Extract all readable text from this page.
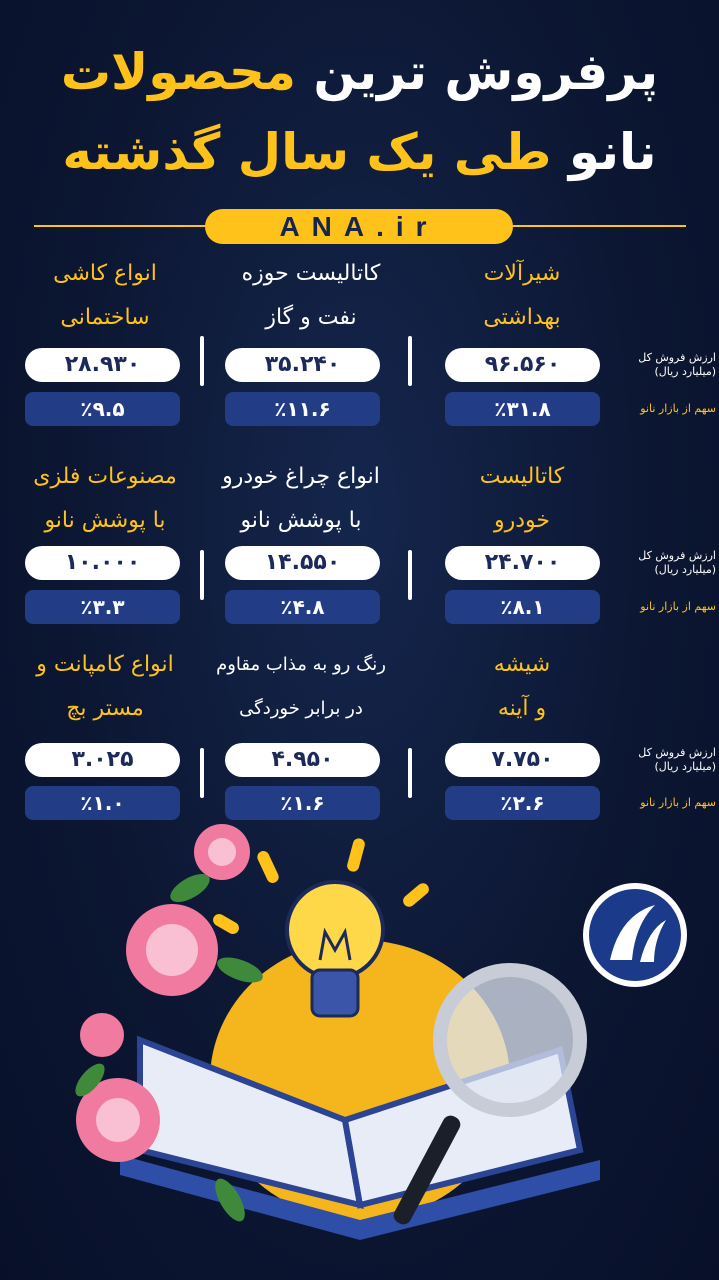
پرفروش ترین محصولات
نانو طی یک سال گذشته
ANA.ir
شیرآلات
بهداشتی
کاتالیست حوزه
نفت و گاز
انواع کاشی
ساختمانی
۹۶.۵۶۰
۳۵.۲۴۰
۲۸.۹۳۰
٪۳۱.۸
٪۱۱.۶
٪۹.۵
ارزش فروش کل
(میلیارد ریال)
سهم از بازار نانو
کاتالیست
خودرو
انواع چراغ خودرو
با پوشش نانو
مصنوعات فلزی
با پوشش نانو
۲۴.۷۰۰
۱۴.۵۵۰
۱۰.۰۰۰
٪۸.۱
٪۴.۸
٪۳.۳
ارزش فروش کل
(میلیارد ریال)
سهم از بازار نانو
شیشه
و آینه
رنگ رو به مذاب مقاوم
در برابر خوردگی
انواع کامپانت و
مستر بچ
۷.۷۵۰
۴.۹۵۰
۳.۰۲۵
٪۲.۶
٪۱.۶
٪۱.۰
ارزش فروش کل
(میلیارد ریال)
سهم از بازار نانو
